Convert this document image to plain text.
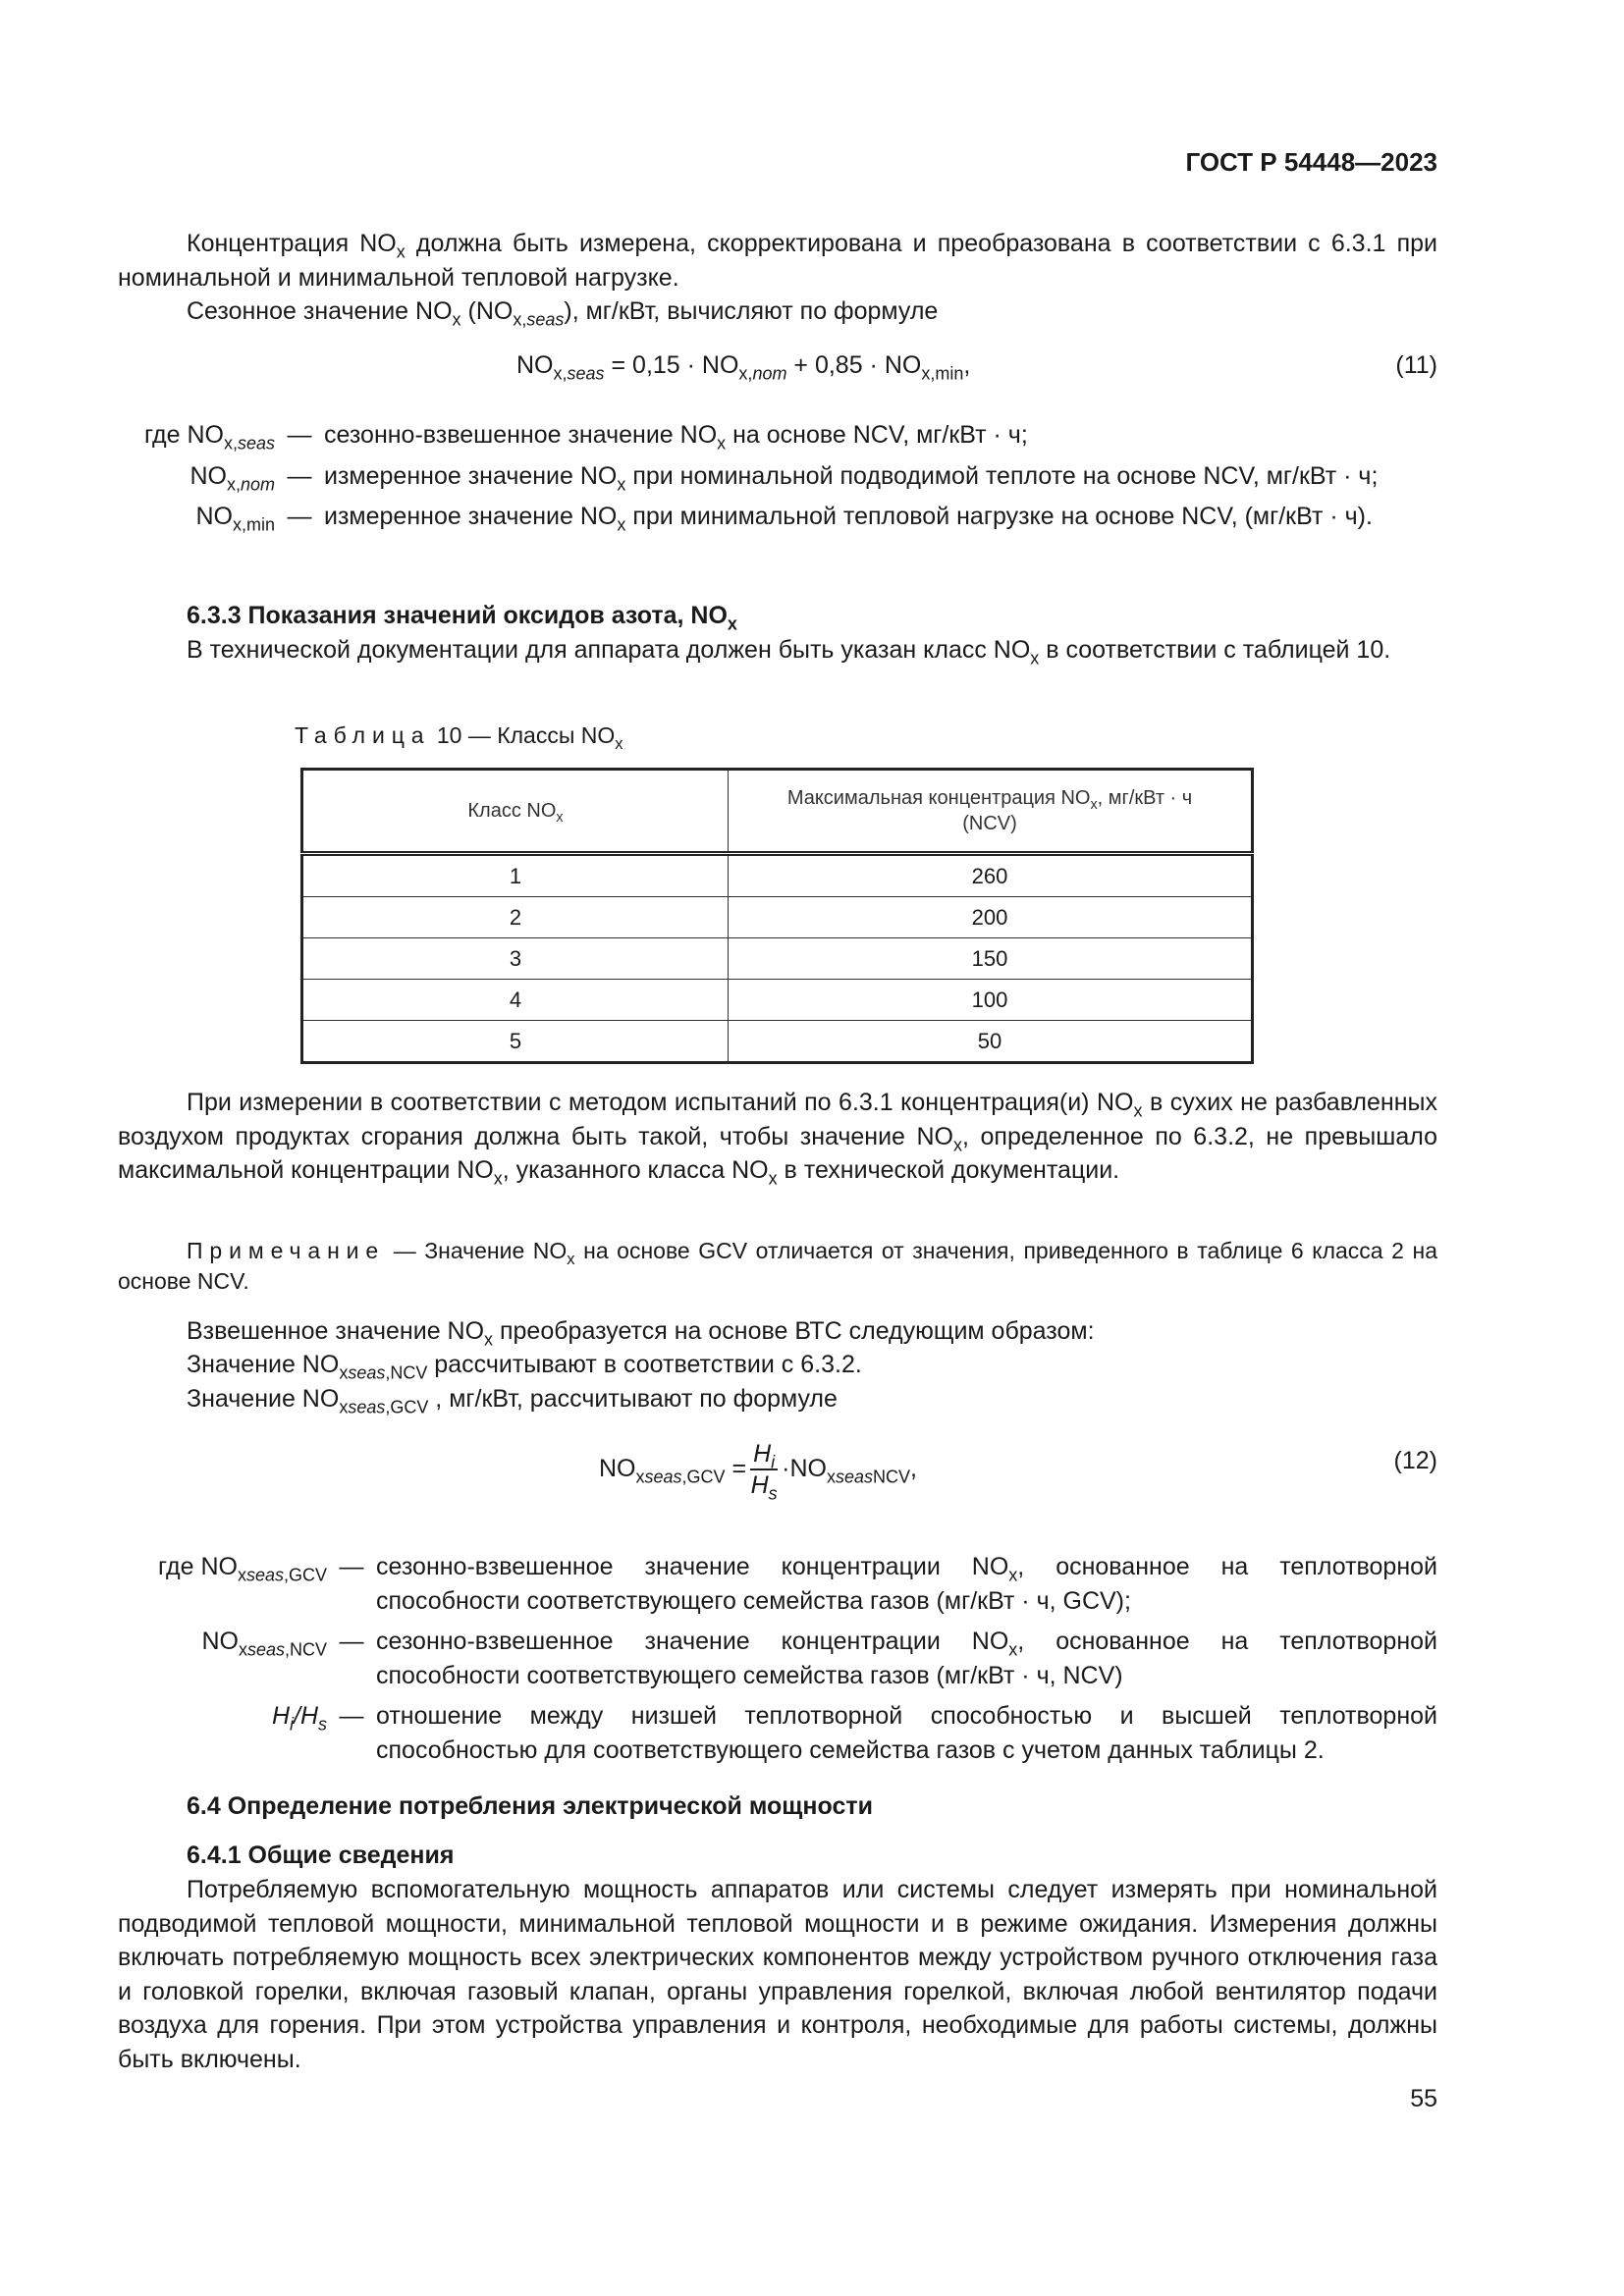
ГОСТ Р 54448—2023
Концентрация $NO_x$ должна быть измерена, скорректирована и преобразована в соответствии с 6.3.1 при номинальной и минимальной тепловой нагрузке.
Сезонное значение $NO_x$ $(NO_{x,seas})$, мг/кВт, вычисляют по формуле
$NO_{x,seas} = 0,15 \cdot NO_{x,nom} + 0,85 \cdot NO_{x,min}$,	(11)
где $NO_{x,seas}$ — сезонно-взвешенное значение $NO_x$ на основе NCV, мг/кВт · ч;
$NO_{x,nom}$ — измеренное значение $NO_x$ при номинальной подводимой теплоте на основе NCV, мг/кВт · ч;
$NO_{x,min}$ — измеренное значение $NO_x$ при минимальной тепловой нагрузке на основе NCV, (мг/кВт · ч).
6.3.3 Показания значений оксидов азота, $NO_x$
В технической документации для аппарата должен быть указан класс $NO_x$ в соответствии с таблицей 10.
Таблица 10 — Классы $NO_x$
Класс $NO_x$	Максимальная концентрация $NO_x$, мг/кВт · ч
(NCV)

1	260
2	200
3	150
4	100
5	50
При измерении в соответствии с методом испытаний по 6.3.1 концентрация(и) $NO_x$ в сухих не разбавленных воздухом продуктах сгорания должна быть такой, чтобы значение $NO_x$, определенное по 6.3.2, не превышало максимальной концентрации $NO_x$, указанного класса $NO_x$ в технической документации.
Примечание — Значение $NO_x$ на основе GCV отличается от значения, приведенного в таблице 6 класса 2 на основе NCV.
Взвешенное значение $NO_x$ преобразуется на основе ВТС следующим образом:
Значение $NO_{xseas,NCV}$ рассчитывают в соответствии с 6.3.2.
Значение $NO_{xseas,GCV}$ , мг/кВт, рассчитывают по формуле
$NO_{xseas,GCV} = \frac{H_i}{H_s} \cdot NO_{xseasNCV}$,	(12)
где $NO_{xseas,GCV}$ — сезонно-взвешенное значение концентрации $NO_x$, основанное на теплотворной способности соответствующего семейства газов (мг/кВт · ч, GCV);
$NO_{xseas,NCV}$ — сезонно-взвешенное значение концентрации $NO_x$, основанное на теплотворной способности соответствующего семейства газов (мг/кВт · ч, NCV)
$H_i/H_s$ — отношение между низшей теплотворной способностью и высшей теплотворной способностью для соответствующего семейства газов с учетом данных таблицы 2.
6.4 Определение потребления электрической мощности
6.4.1 Общие сведения
Потребляемую вспомогательную мощность аппаратов или системы следует измерять при номинальной подводимой тепловой мощности, минимальной тепловой мощности и в режиме ожидания. Измерения должны включать потребляемую мощность всех электрических компонентов между устройством ручного отключения газа и головкой горелки, включая газовый клапан, органы управления горелкой, включая любой вентилятор подачи воздуха для горения. При этом устройства управления и контроля, необходимые для работы системы, должны быть включены.
55
